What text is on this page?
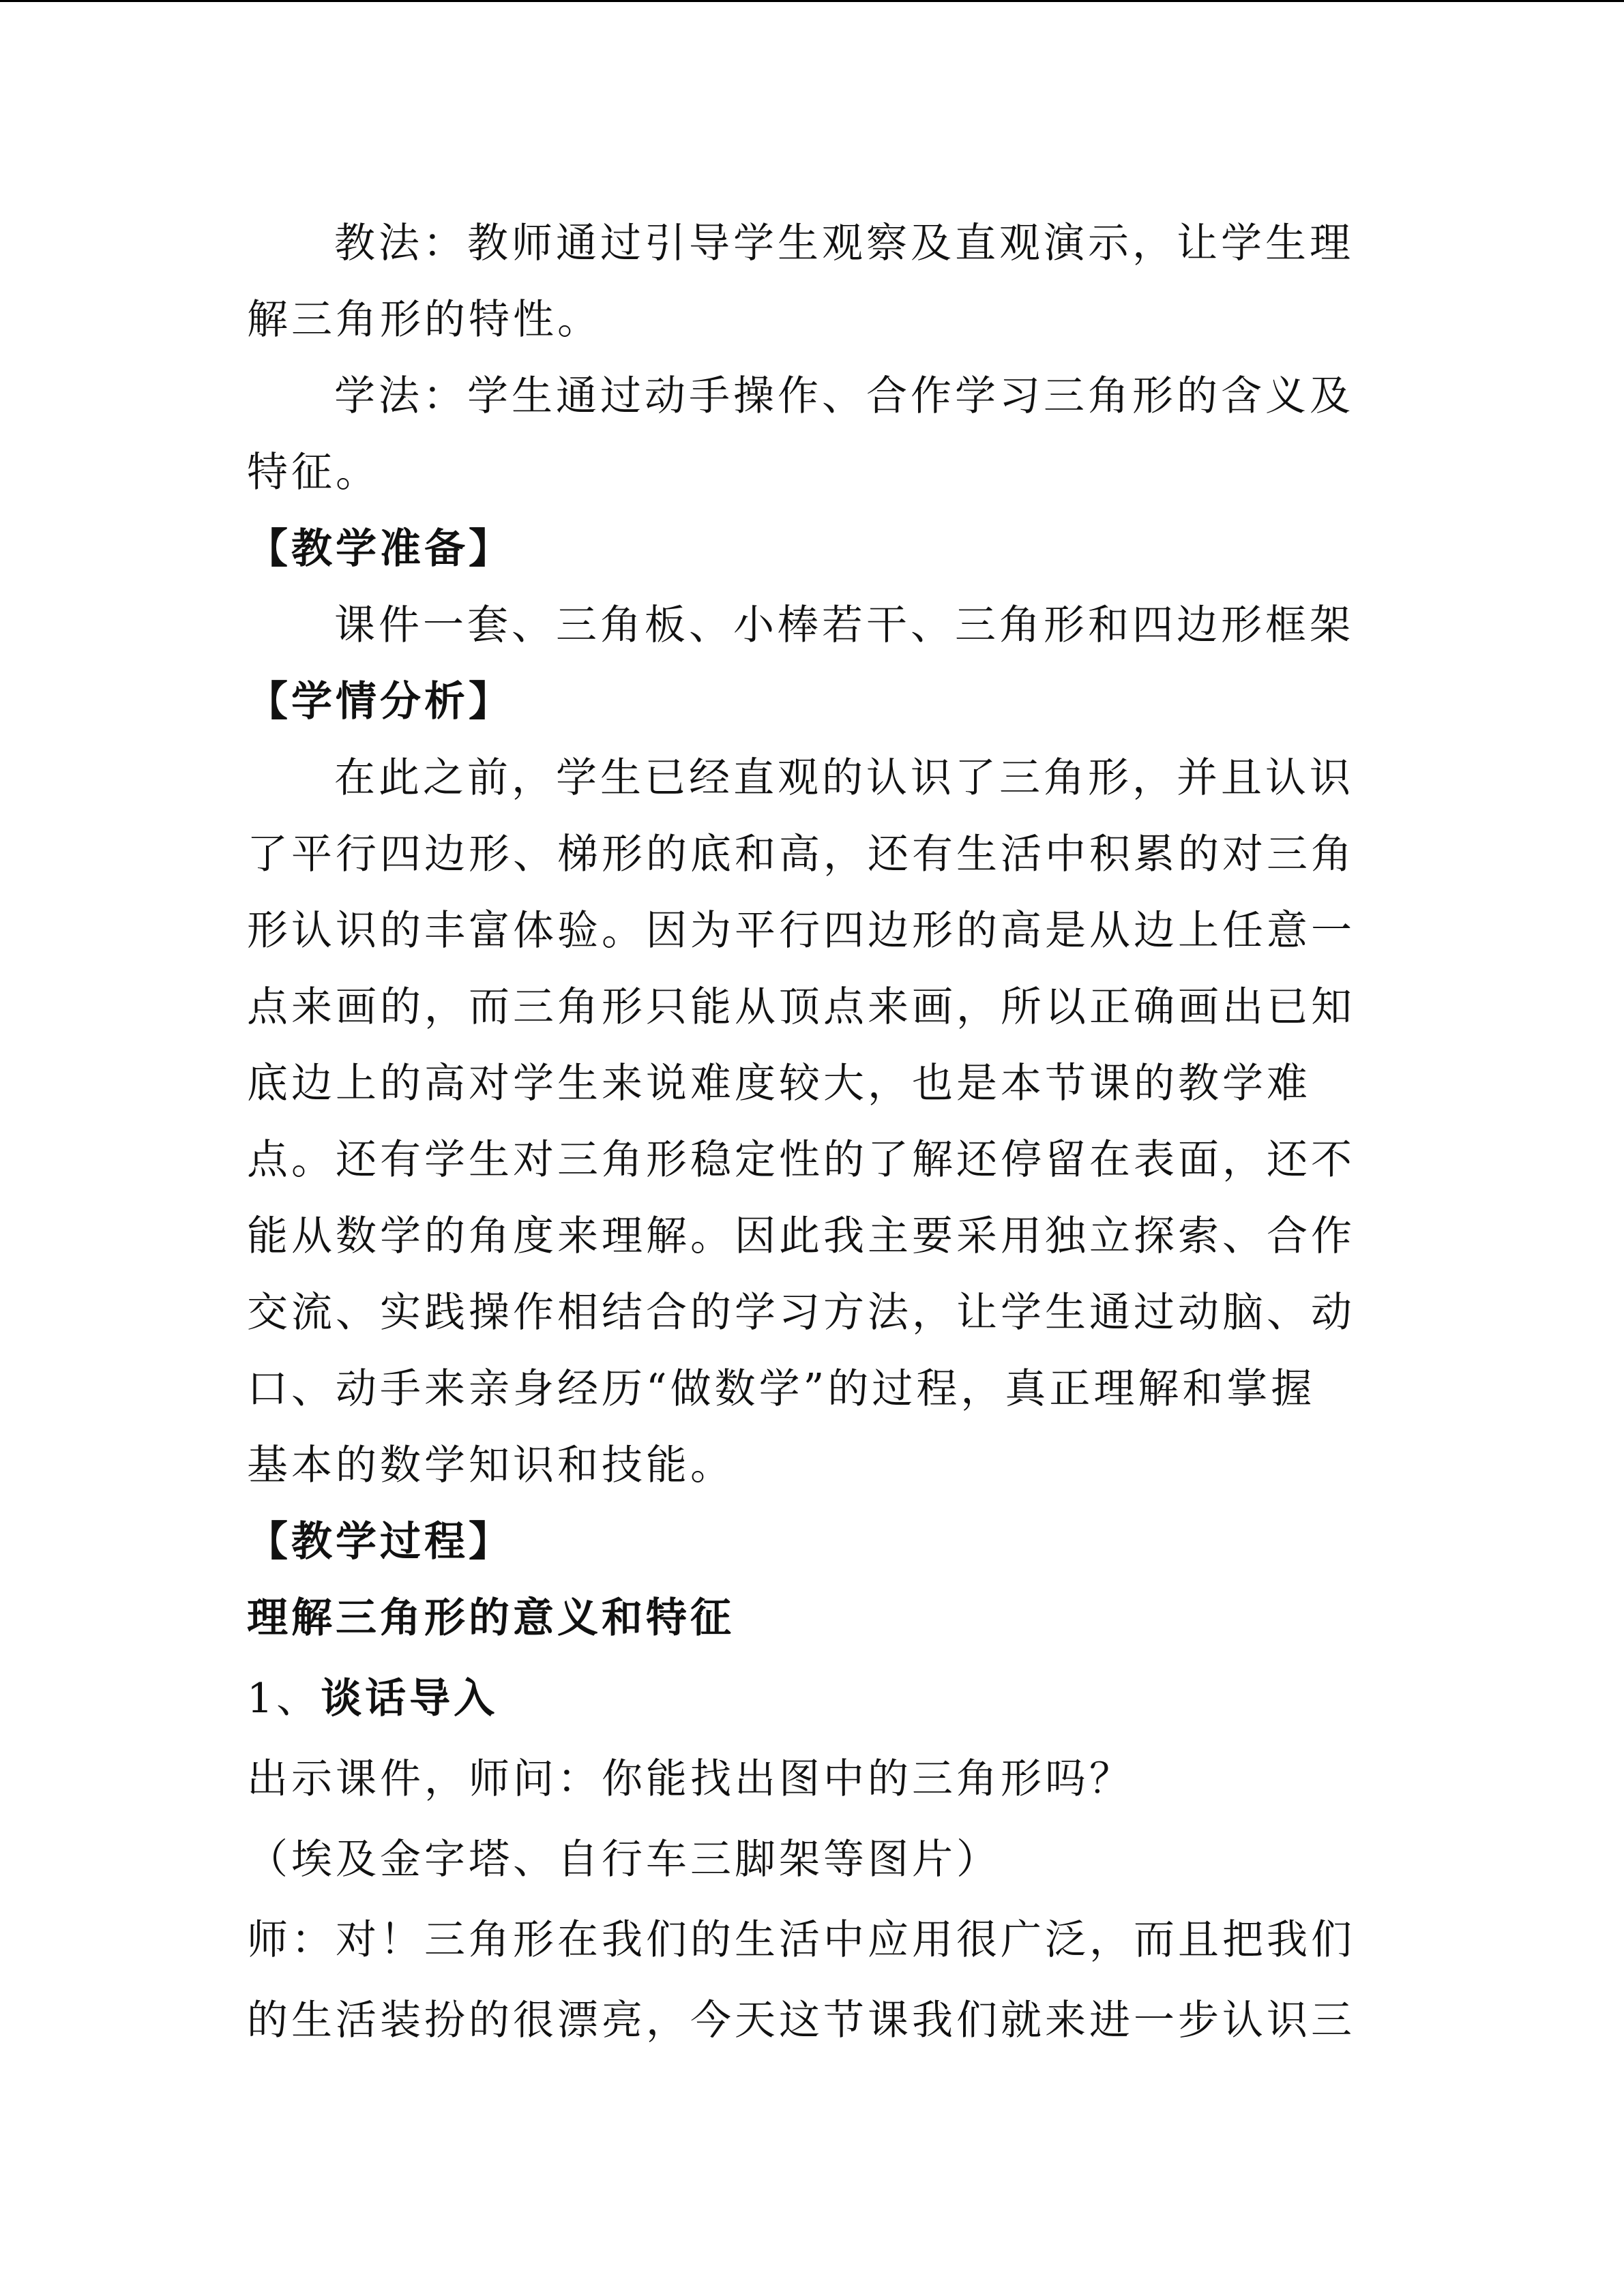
教法：教师通过引导学生观察及直观演示，让学生理
解三角形的特性。
学法：学生通过动手操作、合作学习三角形的含义及
特征。
【教学准备】
课件一套、三角板、小棒若干、三角形和四边形框架
【学情分析】
在此之前，学生已经直观的认识了三角形，并且认识
了平行四边形、梯形的底和高，还有生活中积累的对三角
形认识的丰富体验。因为平行四边形的高是从边上任意一
点来画的，而三角形只能从顶点来画，所以正确画出已知
底边上的高对学生来说难度较大，也是本节课的教学难
点。还有学生对三角形稳定性的了解还停留在表面，还不
能从数学的角度来理解。因此我主要采用独立探索、合作
交流、实践操作相结合的学习方法，让学生通过动脑、动
口、动手来亲身经历“做数学”的过程，真正理解和掌握
基本的数学知识和技能。
【教学过程】
理解三角形的意义和特征
1、谈话导入
出示课件，师问：你能找出图中的三角形吗？
（埃及金字塔、自行车三脚架等图片）
师：对！三角形在我们的生活中应用很广泛，而且把我们
的生活装扮的很漂亮，今天这节课我们就来进一步认识三
